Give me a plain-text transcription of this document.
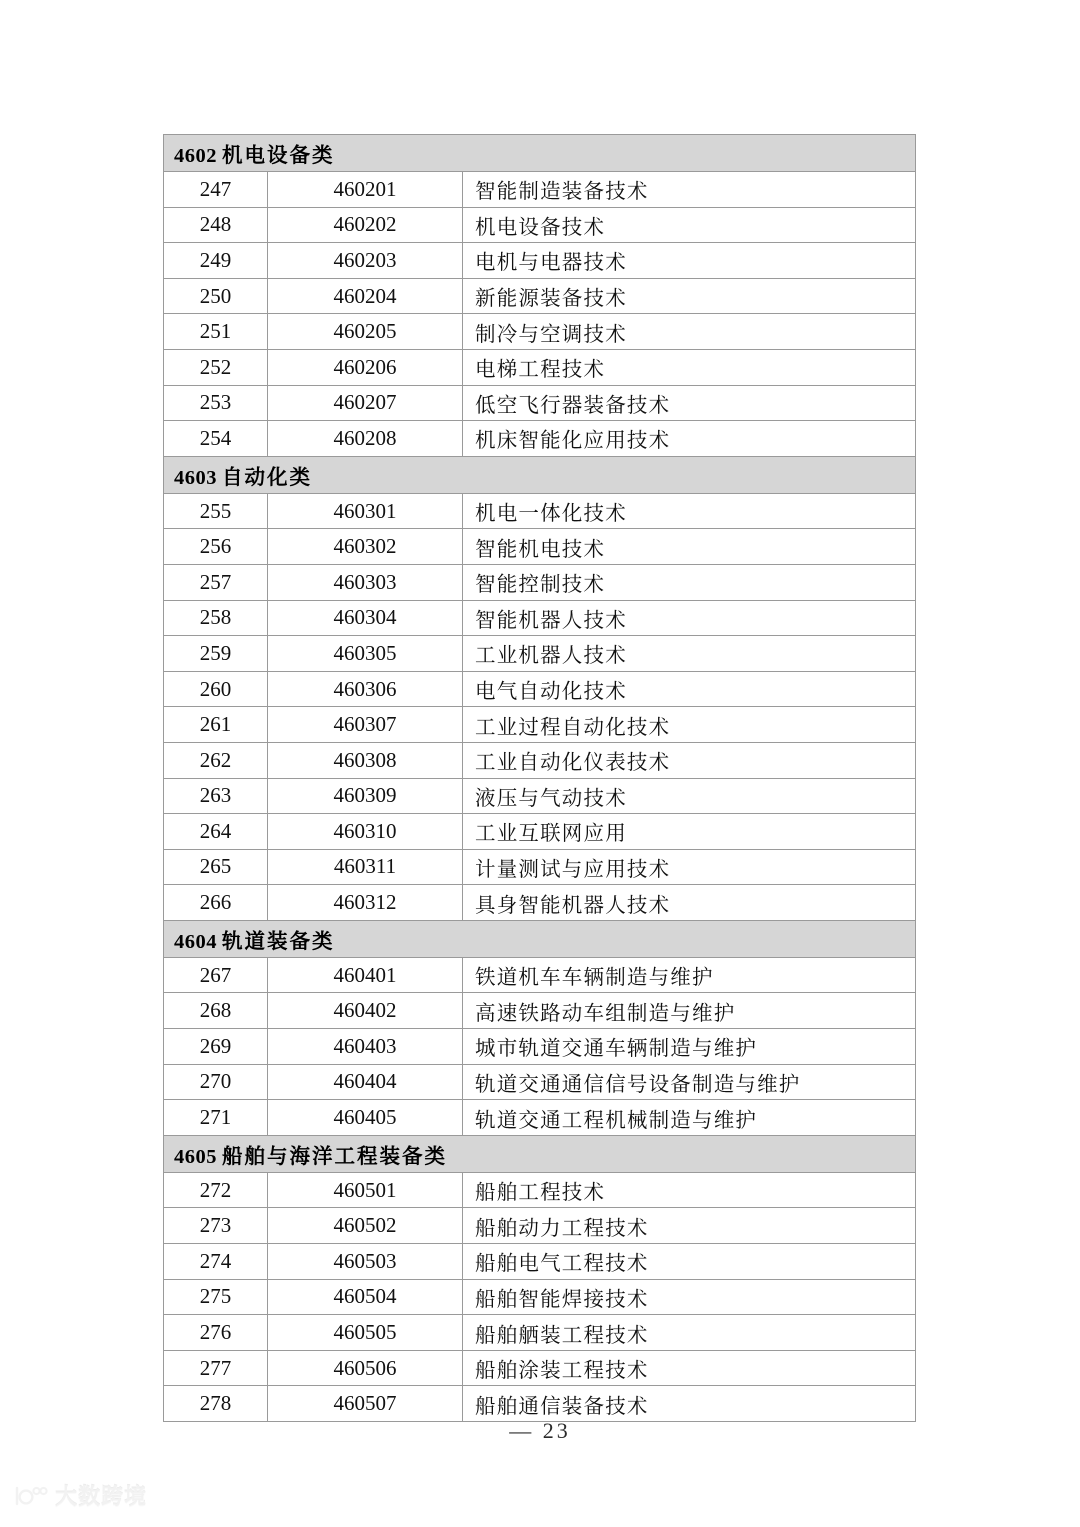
4602 机电设备类		
247	460201	智能制造装备技术
248	460202	机电设备技术
249	460203	电机与电器技术
250	460204	新能源装备技术
251	460205	制冷与空调技术
252	460206	电梯工程技术
253	460207	低空飞行器装备技术
254	460208	机床智能化应用技术
4603 自动化类		
255	460301	机电一体化技术
256	460302	智能机电技术
257	460303	智能控制技术
258	460304	智能机器人技术
259	460305	工业机器人技术
260	460306	电气自动化技术
261	460307	工业过程自动化技术
262	460308	工业自动化仪表技术
263	460309	液压与气动技术
264	460310	工业互联网应用
265	460311	计量测试与应用技术
266	460312	具身智能机器人技术
4604 轨道装备类		
267	460401	铁道机车车辆制造与维护
268	460402	高速铁路动车组制造与维护
269	460403	城市轨道交通车辆制造与维护
270	460404	轨道交通通信信号设备制造与维护
271	460405	轨道交通工程机械制造与维护
4605 船舶与海洋工程装备类		
272	460501	船舶工程技术
273	460502	船舶动力工程技术
274	460503	船舶电气工程技术
275	460504	船舶智能焊接技术
276	460505	船舶舾装工程技术
277	460506	船舶涂装工程技术
278	460507	船舶通信装备技术
— 23
大数跨境
